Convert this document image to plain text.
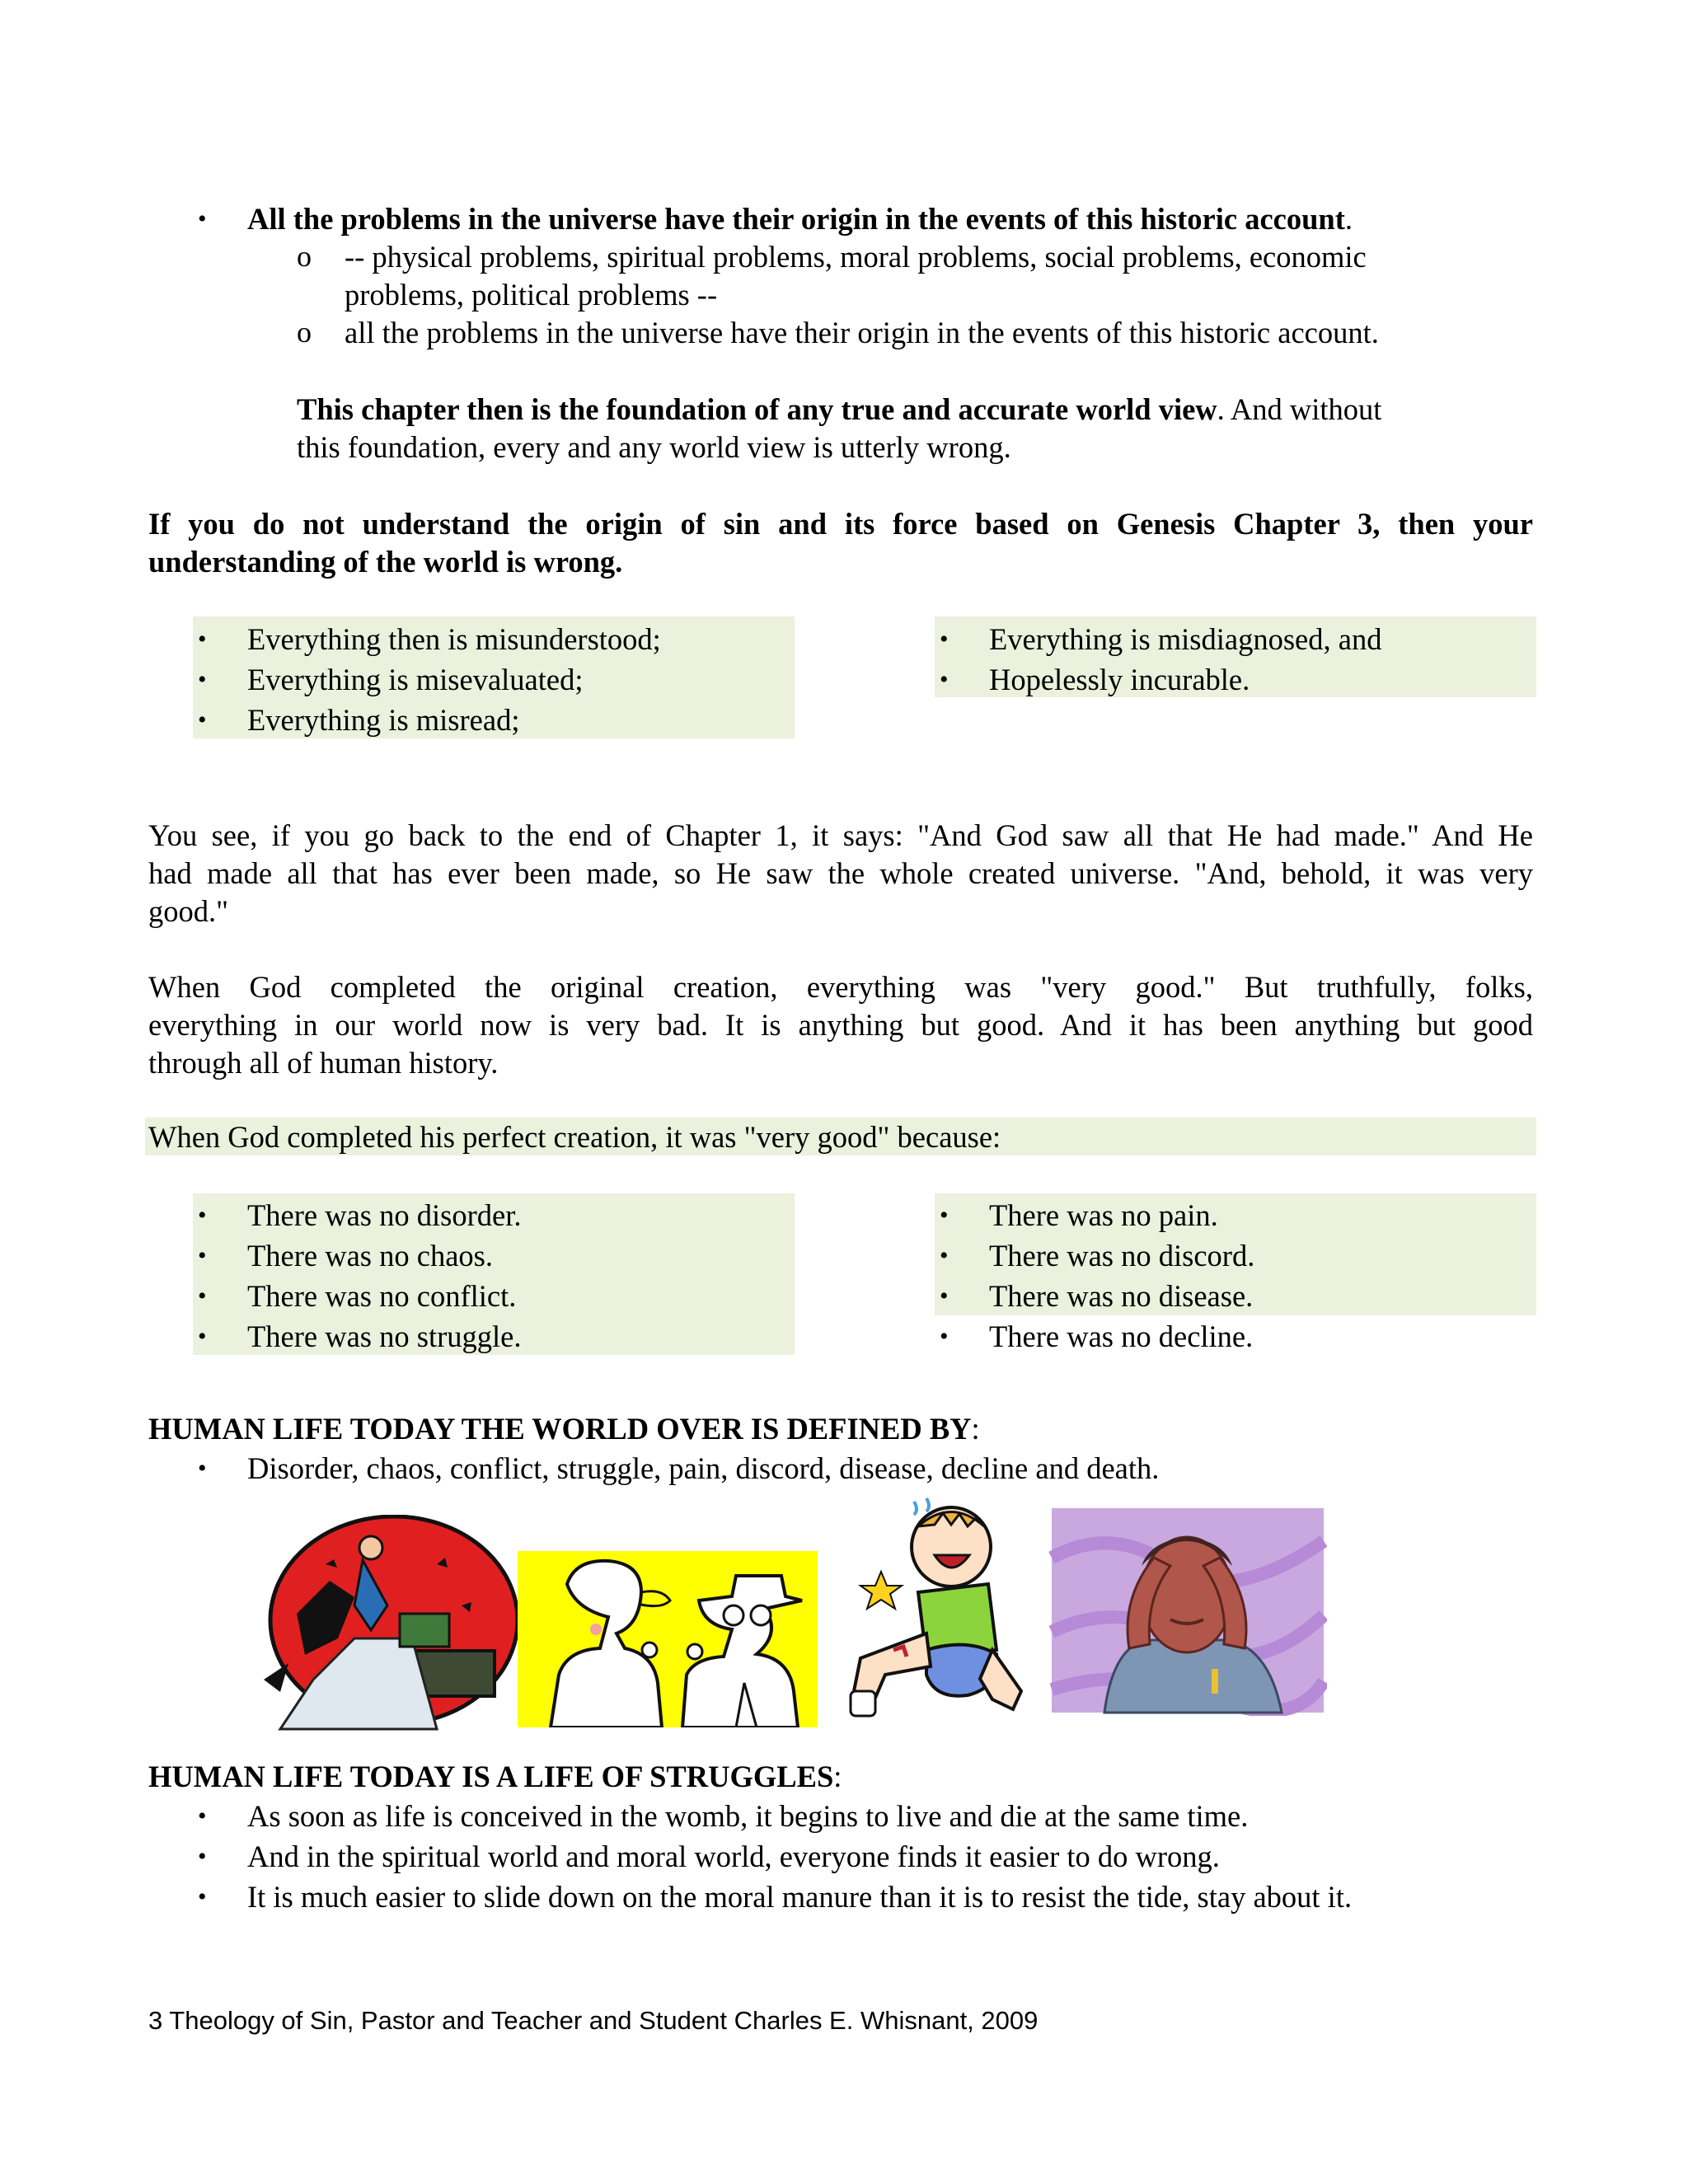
• All the problems in the universe have their origin in the events of this historic account.
o -- physical problems, spiritual problems, moral problems, social problems, economic
problems, political problems --
o all the problems in the universe have their origin in the events of this historic account.
This chapter then is the foundation of any true and accurate world view. And without
this foundation, every and any world view is utterly wrong.
If you do not understand the origin of sin and its force based on Genesis Chapter 3, then your
understanding of the world is wrong.
• Everything then is misunderstood;
• Everything is misevaluated;
• Everything is misread;
• Everything is misdiagnosed, and
• Hopelessly incurable.
You see, if you go back to the end of Chapter 1, it says: "And God saw all that He had made." And He
had made all that has ever been made, so He saw the whole created universe. "And, behold, it was very
good."
When God completed the original creation, everything was "very good." But truthfully, folks,
everything in our world now is very bad. It is anything but good. And it has been anything but good
through all of human history.
When God completed his perfect creation, it was "very good" because:
• There was no disorder.
• There was no chaos.
• There was no conflict.
• There was no struggle.
• There was no pain.
• There was no discord.
• There was no disease.
• There was no decline.
HUMAN LIFE TODAY THE WORLD OVER IS DEFINED BY:
• Disorder, chaos, conflict, struggle, pain, discord, disease, decline and death.
HUMAN LIFE TODAY IS A LIFE OF STRUGGLES:
• As soon as life is conceived in the womb, it begins to live and die at the same time.
• And in the spiritual world and moral world, everyone finds it easier to do wrong.
• It is much easier to slide down on the moral manure than it is to resist the tide, stay about it.
3 Theology of Sin, Pastor and Teacher and Student Charles E. Whisnant, 2009
